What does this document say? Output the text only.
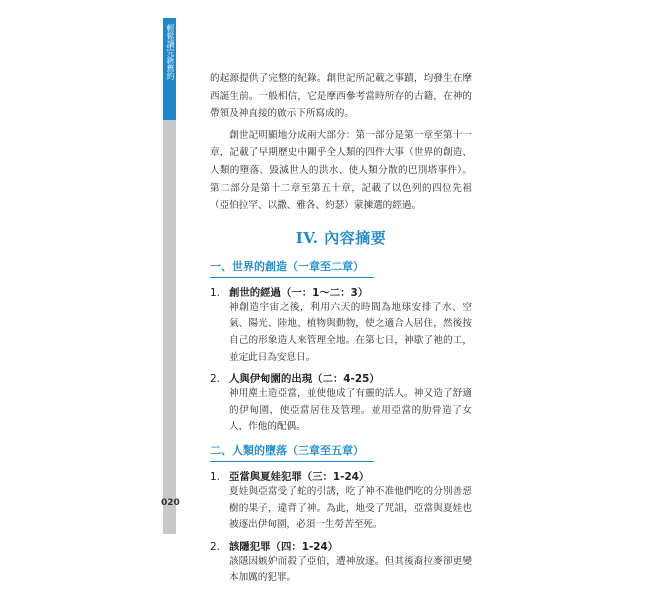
輕鬆讀完新舊約
020

的起源提供了完整的紀錄。創世記所記載之事蹟，均發生在摩西誕生前。一般相信，它是摩西參考當時所存的古籍，在神的帶領及神直接的啟示下所寫成的。

創世記明顯地分成兩大部分：第一部分是第一章至第十一章，記載了早期歷史中關乎全人類的四件大事（世界的創造、人類的墮落、毀滅世人的洪水、使人類分散的巴別塔事件）。第二部分是第十二章至第五十章，記載了以色列的四位先祖（亞伯拉罕、以撒、雅各、約瑟）蒙揀選的經過。

IV. 內容摘要
一、世界的創造（一章至二章）
1. 創世的經過（一：1～二：3）

神創造宇宙之後，利用六天的時間為地球安排了水、空氣、陽光、陸地、植物與動物，使之適合人居住，然後按自己的形象造人來管理全地。在第七日，神歇了祂的工，並定此日為安息日。

2. 人與伊甸園的出現（二：4-25）

神用塵土造亞當，並使他成了有靈的活人。神又造了舒適的伊甸園，使亞當居住及管理。並用亞當的肋骨造了女人，作他的配偶。

二、人類的墮落（三章至五章）
1. 亞當與夏娃犯罪（三：1-24）

夏娃與亞當受了蛇的引誘，吃了神不准他們吃的分別善惡樹的果子，違背了神。為此，地受了咒詛，亞當與夏娃也被逐出伊甸園，必須一生勞苦至死。

2. 該隱犯罪（四：1-24）

該隱因嫉妒而殺了亞伯，遭神放逐。但其後裔拉麥卻更變本加厲的犯罪。
